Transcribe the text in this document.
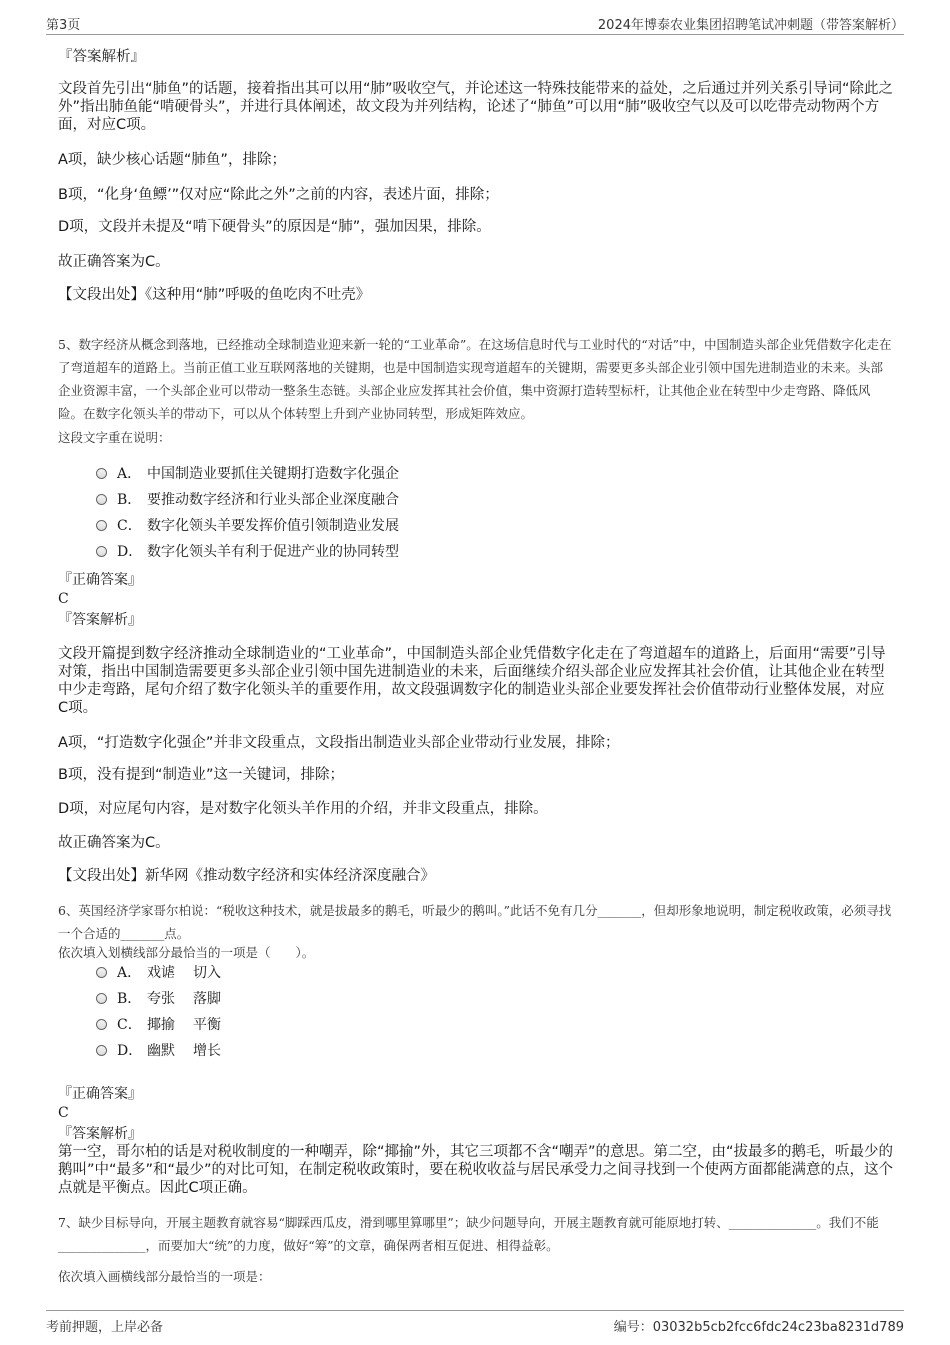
第3页	2024年博泰农业集团招聘笔试冲刺题（带答案解析）
『答案解析』
文段首先引出“肺鱼”的话题，接着指出其可以用“肺”吸收空气，并论述这一特殊技能带来的益处，之后通过并列关系引导词“除此之外”指出肺鱼能“啃硬骨头”，并进行具体阐述，故文段为并列结构，论述了“肺鱼”可以用“肺”吸收空气以及可以吃带壳动物两个方面，对应C项。
A项，缺少核心话题“肺鱼”，排除；
B项，“化身‘鱼鳔’”仅对应“除此之外”之前的内容，表述片面，排除；
D项，文段并未提及“啃下硬骨头”的原因是“肺”，强加因果，排除。
故正确答案为C。
【文段出处】《这种用“肺”呼吸的鱼吃肉不吐壳》
5、数字经济从概念到落地，已经推动全球制造业迎来新一轮的“工业革命”。在这场信息时代与工业时代的“对话”中，中国制造头部企业凭借数字化走在了弯道超车的道路上。当前正值工业互联网落地的关键期，也是中国制造实现弯道超车的关键期，需要更多头部企业引领中国先进制造业的未来。头部企业资源丰富，一个头部企业可以带动一整条生态链。头部企业应发挥其社会价值，集中资源打造转型标杆，让其他企业在转型中少走弯路、降低风险。在数字化领头羊的带动下，可以从个体转型上升到产业协同转型，形成矩阵效应。
这段文字重在说明：
A． 中国制造业要抓住关键期打造数字化强企
B． 要推动数字经济和行业头部企业深度融合
C． 数字化领头羊要发挥价值引领制造业发展
D． 数字化领头羊有利于促进产业的协同转型
『正确答案』
C
『答案解析』
文段开篇提到数字经济推动全球制造业的“工业革命”，中国制造头部企业凭借数字化走在了弯道超车的道路上，后面用“需要”引导对策，指出中国制造需要更多头部企业引领中国先进制造业的未来，后面继续介绍头部企业应发挥其社会价值，让其他企业在转型中少走弯路，尾句介绍了数字化领头羊的重要作用，故文段强调数字化的制造业头部企业要发挥社会价值带动行业整体发展，对应C项。
A项，“打造数字化强企”并非文段重点，文段指出制造业头部企业带动行业发展，排除；
B项，没有提到“制造业”这一关键词，排除；
D项，对应尾句内容，是对数字化领头羊作用的介绍，并非文段重点，排除。
故正确答案为C。
【文段出处】新华网《推动数字经济和实体经济深度融合》
6、英国经济学家哥尔柏说：“税收这种技术，就是拔最多的鹅毛，听最少的鹅叫。”此话不免有几分_______，但却形象地说明，制定税收政策，必须寻找一个合适的_______点。
依次填入划横线部分最恰当的一项是（　　）。
A． 戏谑 切入
B． 夸张 落脚
C． 揶揄 平衡
D． 幽默 增长
『正确答案』
C
『答案解析』
第一空，哥尔柏的话是对税收制度的一种嘲弄，除“揶揄”外，其它三项都不含“嘲弄”的意思。第二空，由“拔最多的鹅毛，听最少的鹅叫”中“最多”和“最少”的对比可知，在制定税收政策时，要在税收收益与居民承受力之间寻找到一个使两方面都能满意的点，这个点就是平衡点。因此C项正确。
7、缺少目标导向，开展主题教育就容易“脚踩西瓜皮，滑到哪里算哪里”；缺少问题导向，开展主题教育就可能原地打转、______________。我们不能______________，而要加大“统”的力度，做好“筹”的文章，确保两者相互促进、相得益彰。
依次填入画横线部分最恰当的一项是：
考前押题，上岸必备	编号：03032b5cb2fcc6fdc24c23ba8231d789
